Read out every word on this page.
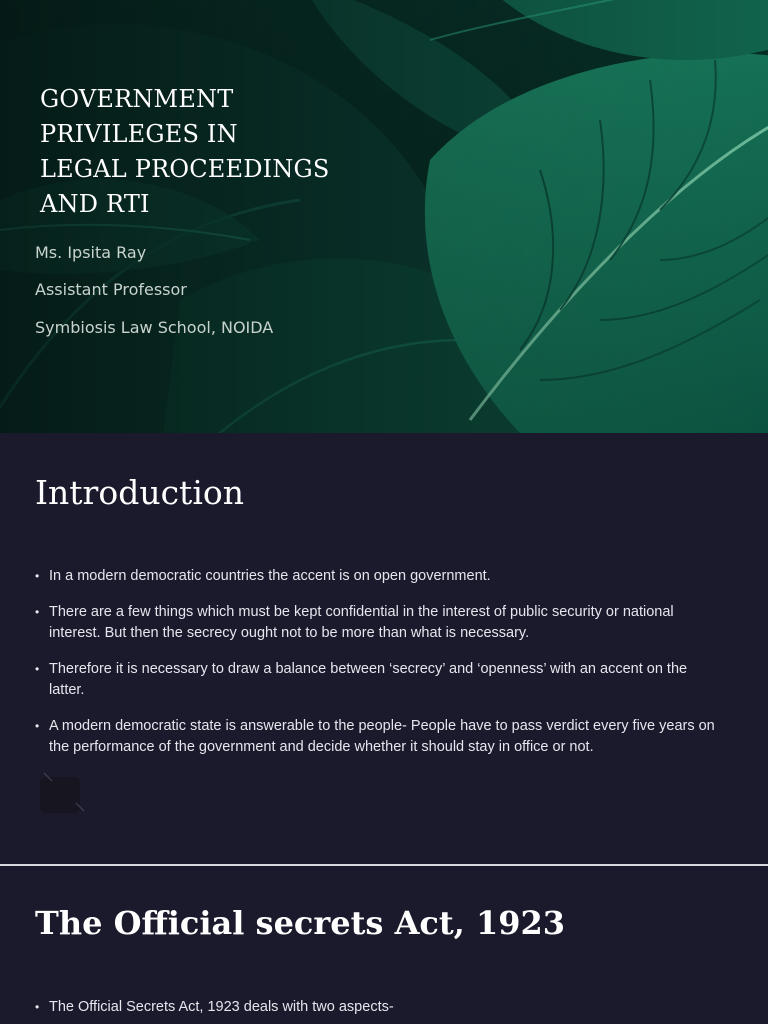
GOVERNMENT
PRIVILEGES IN
LEGAL PROCEEDINGS
AND RTI

Ms. Ipsita Ray

Assistant Professor

Symbiosis Law School, NOIDA

Introduction
• In a modern democratic countries the accent is on open government.
• There are a few things which must be kept confidential in the interest of public security or national interest. But then the secrecy ought not to be more than what is necessary.
• Therefore it is necessary to draw a balance between ‘secrecy’ and ‘openness’ with an accent on the latter.
• A modern democratic state is answerable to the people- People have to pass verdict every five years on the performance of the government and decide whether it should stay in office or not.
The Official secrets Act, 1923
• The Official Secrets Act, 1923 deals with two aspects-
